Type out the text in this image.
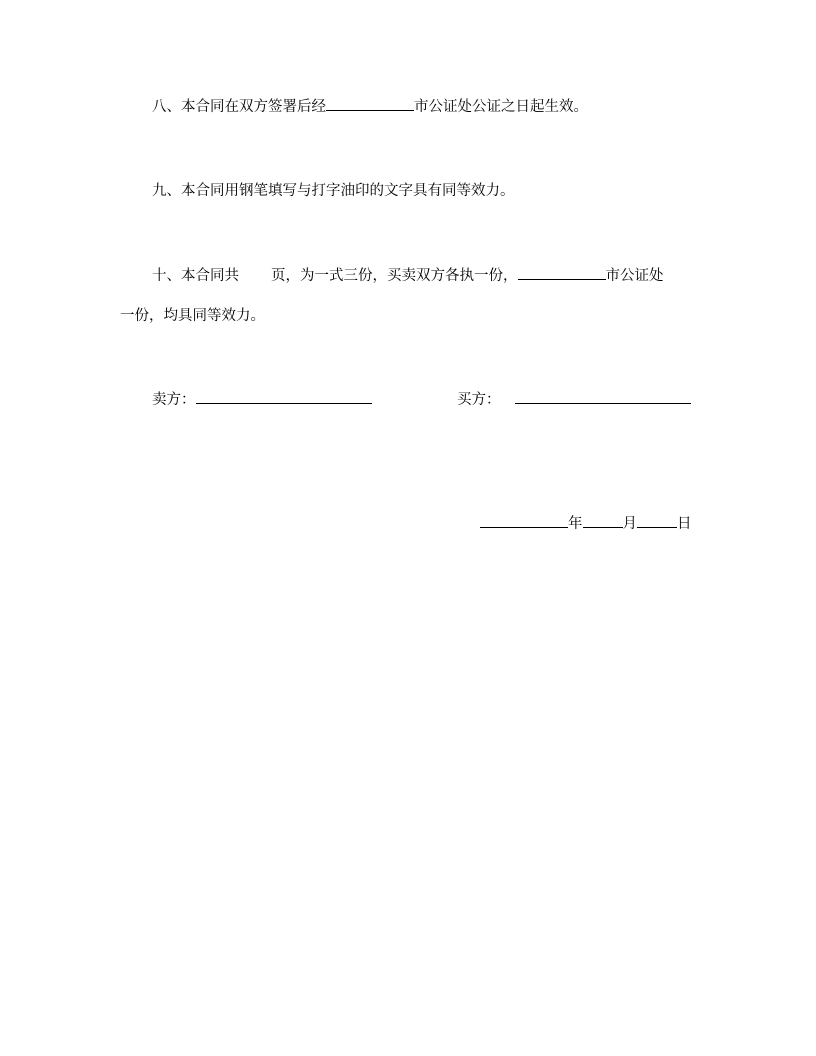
八、本合同在双方签署后经	市公证处公证之日起生效。
九、本合同用钢笔填写与打字油印的文字具有同等效力。
十、本合同共 页，为一式三份，买卖双方各执一份，	市公证处
一份，均具同等效力。
卖方：	买方：
年	月	日
